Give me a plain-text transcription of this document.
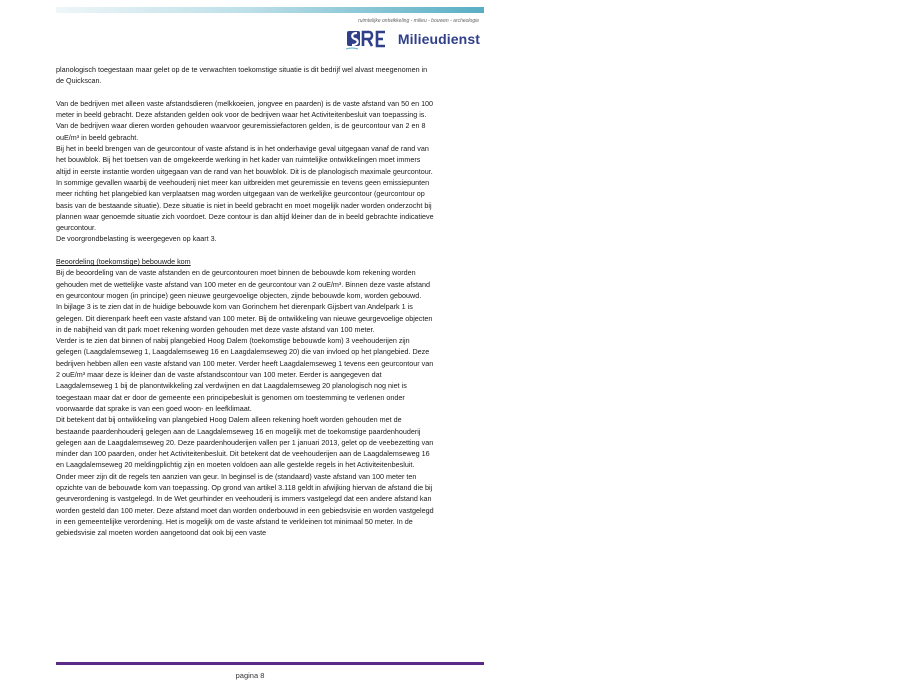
ruimtelijke ontwikkeling - milieu - bouwen - archeologie
Milieudienst

planologisch toegestaan maar gelet op de te verwachten toekomstige situatie is dit bedrijf wel alvast meegenomen in de Quickscan.

Van de bedrijven met alleen vaste afstandsdieren (melkkoeien, jongvee en paarden) is de vaste afstand van 50 en 100 meter in beeld gebracht. Deze afstanden gelden ook voor de bedrijven waar het Activiteitenbesluit van toepassing is.

Van de bedrijven waar dieren worden gehouden waarvoor geuremissiefactoren gelden, is de geurcontour van 2 en 8 ouE/m³ in beeld gebracht.

Bij het in beeld brengen van de geurcontour of vaste afstand is in het onderhavige geval uitgegaan vanaf de rand van het bouwblok. Bij het toetsen van de omgekeerde werking in het kader van ruimtelijke ontwikkelingen moet immers altijd in eerste instantie worden uitgegaan van de rand van het bouwblok. Dit is de planologisch maximale geurcontour. In sommige gevallen waarbij de veehouderij niet meer kan uitbreiden met geuremissie en tevens geen emissiepunten meer richting het plangebied kan verplaatsen mag worden uitgegaan van de werkelijke geurcontour (geurcontour op basis van de bestaande situatie). Deze situatie is niet in beeld gebracht en moet mogelijk nader worden onderzocht bij plannen waar genoemde situatie zich voordoet. Deze contour is dan altijd kleiner dan de in beeld gebrachte indicatieve geurcontour.

De voorgrondbelasting is weergegeven op kaart 3.

Beoordeling (toekomstige) bebouwde kom

Bij de beoordeling van de vaste afstanden en de geurcontouren moet binnen de bebouwde kom rekening worden gehouden met de wettelijke vaste afstand van 100 meter en de geurcontour van 2 ouE/m³. Binnen deze vaste afstand en geurcontour mogen (in principe) geen nieuwe geurgevoelige objecten, zijnde bebouwde kom, worden gebouwd.

In bijlage 3 is te zien dat in de huidige bebouwde kom van Gorinchem het dierenpark Gijsbert van Andelpark 1 is gelegen. Dit dierenpark heeft een vaste afstand van 100 meter. Bij de ontwikkeling van nieuwe geurgevoelige objecten in de nabijheid van dit park moet rekening worden gehouden met deze vaste afstand van 100 meter.

Verder is te zien dat binnen of nabij plangebied Hoog Dalem (toekomstige bebouwde kom) 3 veehouderijen zijn gelegen (Laagdalemseweg 1, Laagdalemseweg 16 en Laagdalemseweg 20) die van invloed op het plangebied. Deze bedrijven hebben allen een vaste afstand van 100 meter. Verder heeft Laagdalemseweg 1 tevens een geurcontour van 2 ouE/m³ maar deze is kleiner dan de vaste afstandscontour van 100 meter. Eerder is aangegeven dat Laagdalemseweg 1 bij de planontwikkeling zal verdwijnen en dat Laagdalemseweg 20 planologisch nog niet is toegestaan maar dat er door de gemeente een principebesluit is genomen om toestemming te verlenen onder voorwaarde dat sprake is van een goed woon- en leefklimaat.

Dit betekent dat bij ontwikkeling van plangebied Hoog Dalem alleen rekening hoeft worden gehouden met de bestaande paardenhouderij gelegen aan de Laagdalemseweg 16 en mogelijk met de toekomstige paardenhouderij gelegen aan de Laagdalemseweg 20. Deze paardenhouderijen vallen per 1 januari 2013, gelet op de veebezetting van minder dan 100 paarden, onder het Activiteitenbesluit. Dit betekent dat de veehouderijen aan de Laagdalemseweg 16 en Laagdalemseweg 20 meldingplichtig zijn en moeten voldoen aan alle gestelde regels in het Activiteitenbesluit. Onder meer zijn dit de regels ten aanzien van geur. In beginsel is de (standaard) vaste afstand van 100 meter ten opzichte van de bebouwde kom van toepassing. Op grond van artikel 3.118 geldt in afwijking hiervan de afstand die bij geurverordening is vastgelegd. In de Wet geurhinder en veehouderij is immers vastgelegd dat een andere afstand kan worden gesteld dan 100 meter. Deze afstand moet dan worden onderbouwd in een gebiedsvisie en worden vastgelegd in een gemeentelijke verordening. Het is mogelijk om de vaste afstand te verkleinen tot minimaal 50 meter. In de gebiedsvisie zal moeten worden aangetoond dat ook bij een vaste

pagina 8
